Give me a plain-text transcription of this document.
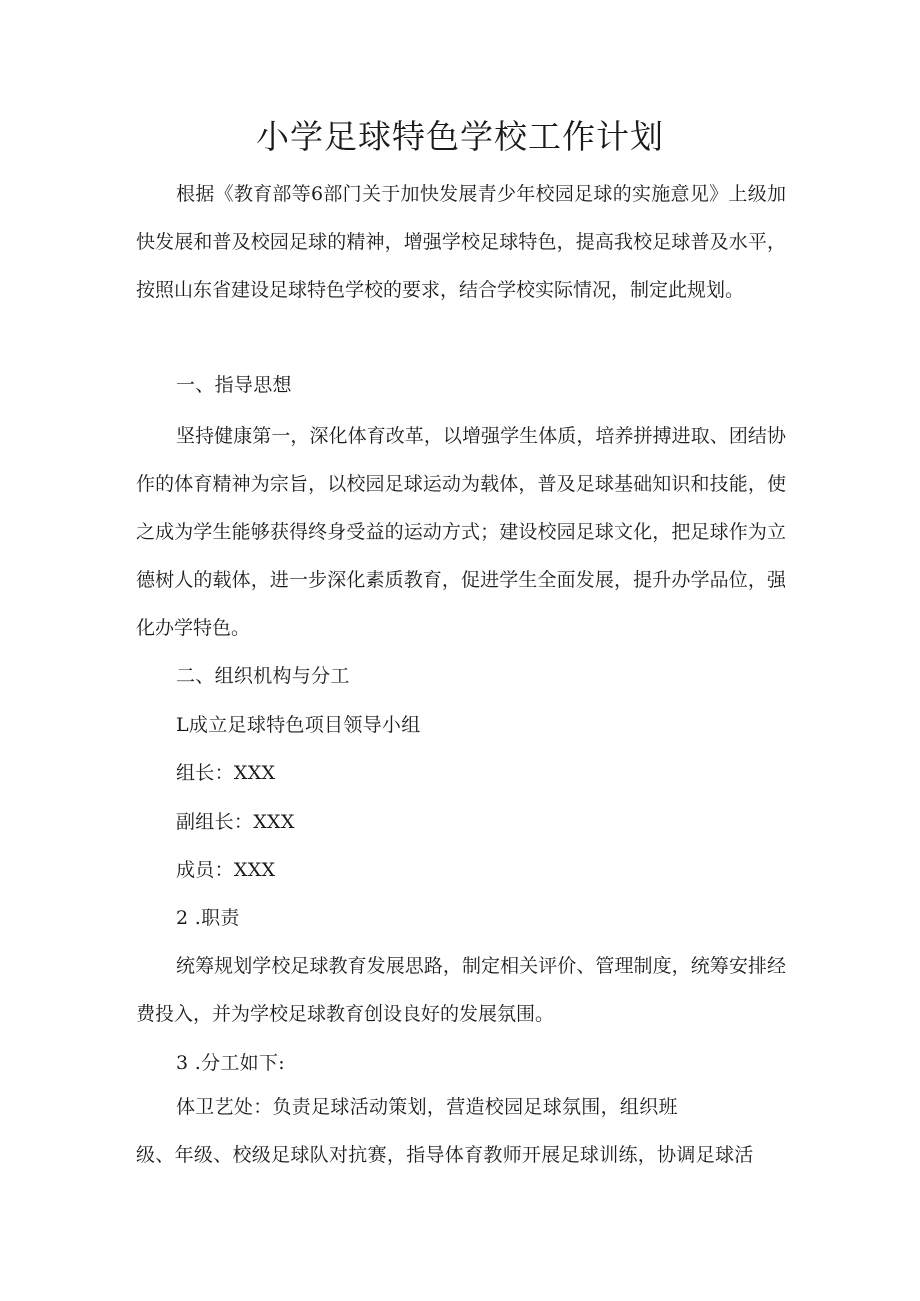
小学足球特色学校工作计划

根据《教育部等6部门关于加快发展青少年校园足球的实施意见》上级加快发展和普及校园足球的精神，增强学校足球特色，提高我校足球普及水平，按照山东省建设足球特色学校的要求，结合学校实际情况，制定此规划。

一、指导思想

坚持健康第一，深化体育改革，以增强学生体质，培养拼搏进取、团结协作的体育精神为宗旨，以校园足球运动为载体，普及足球基础知识和技能，使之成为学生能够获得终身受益的运动方式；建设校园足球文化，把足球作为立德树人的载体，进一步深化素质教育，促进学生全面发展，提升办学品位，强化办学特色。

二、组织机构与分工

L成立足球特色项目领导小组

组长：XXX

副组长：XXX

成员：XXX

2 .职责

统筹规划学校足球教育发展思路，制定相关评价、管理制度，统筹安排经费投入，并为学校足球教育创设良好的发展氛围。

3 .分工如下:

体卫艺处：负责足球活动策划，营造校园足球氛围，组织班

级、年级、校级足球队对抗赛，指导体育教师开展足球训练，协调足球活
